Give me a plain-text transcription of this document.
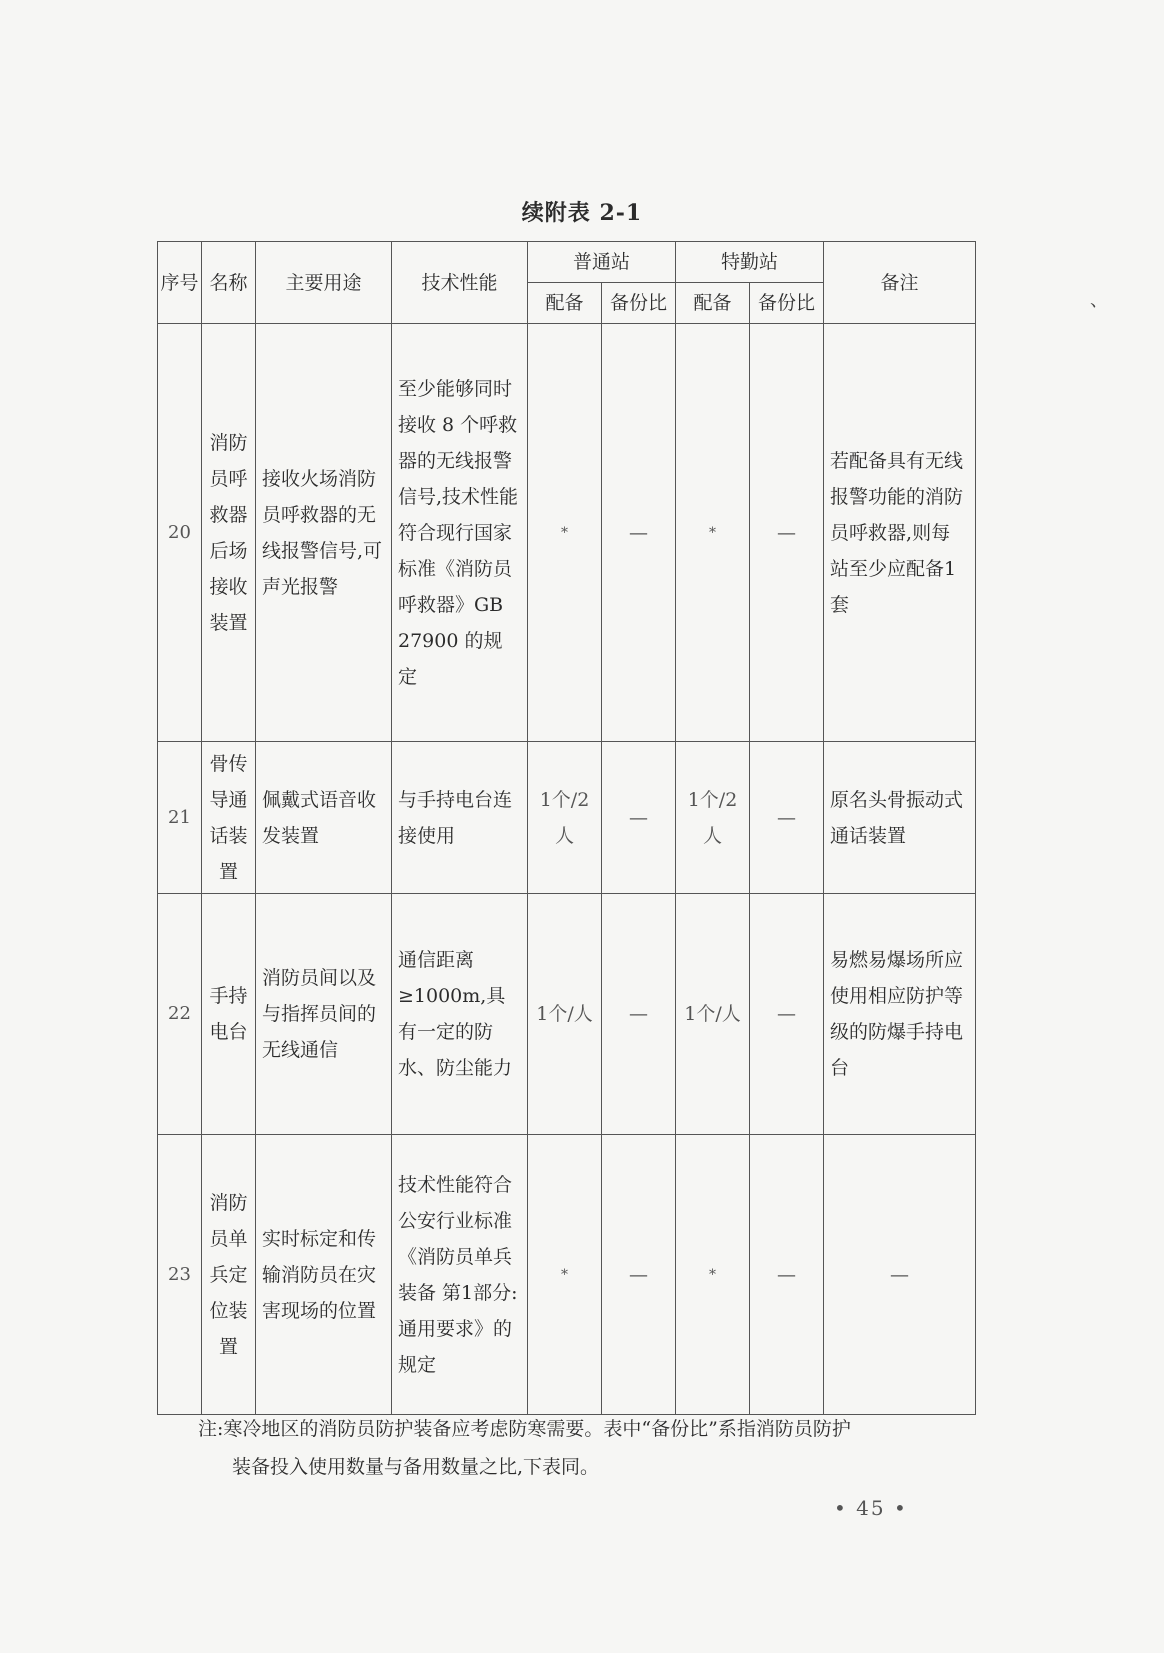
续附表 2-1
、
序号	名称	主要用途	技术性能	普通站		特勤站		备注
				配备	备份比	配备	备份比	
20	消防员呼救器后场接收装置	接收火场消防员呼救器的无线报警信号,可声光报警	至少能够同时接收 8 个呼救器的无线报警信号,技术性能符合现行国家标准《消防员呼救器》GB 27900 的规定	*	—	*	—	若配备具有无线报警功能的消防员呼救器,则每站至少应配备1套
21	骨传导通话装置	佩戴式语音收发装置	与手持电台连接使用	1个/2人	—	1个/2人	—	原名头骨振动式通话装置
22	手持电台	消防员间以及与指挥员间的无线通信	通信距离≥1000m,具有一定的防水、防尘能力	1个/人	—	1个/人	—	易燃易爆场所应使用相应防护等级的防爆手持电台
23	消防员单兵定位装置	实时标定和传输消防员在灾害现场的位置	技术性能符合公安行业标准《消防员单兵装备 第1部分:通用要求》的规定	*	—	*	—	—
注:寒冷地区的消防员防护装备应考虑防寒需要。表中“备份比”系指消防员防护
装备投入使用数量与备用数量之比,下表同。
• 45 •
